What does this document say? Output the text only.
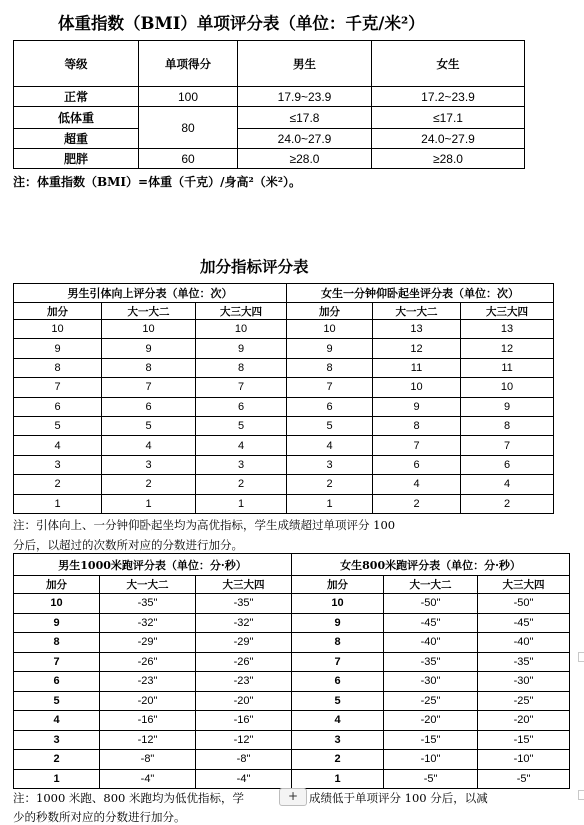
体重指数（BMI）单项评分表（单位：千克/米²）
等级	单项得分	男生	女生
正常	100	17.9~23.9	17.2~23.9
低体重	80	≤17.8	≤17.1
超重		24.0~27.9	24.0~27.9
肥胖	60	≥28.0	≥28.0
注：体重指数（BMI）=体重（千克）/身高²（米²）。
加分指标评分表
男生引体向上评分表（单位：次）			女生一分钟仰卧起坐评分表（单位：次）		
加分	大一大二	大三大四	加分	大一大二	大三大四
10	10	10	10	13	13
9	9	9	9	12	12
8	8	8	8	11	11
7	7	7	7	10	10
6	6	6	6	9	9
5	5	5	5	8	8
4	4	4	4	7	7
3	3	3	3	6	6
2	2	2	2	4	4
1	1	1	1	2	2
注：引体向上、一分钟仰卧起坐均为高优指标，学生成绩超过单项评分 100
分后，以超过的次数所对应的分数进行加分。
男生1000米跑评分表（单位：分·秒）			女生800米跑评分表（单位：分·秒）		
加分	大一大二	大三大四	加分	大一大二	大三大四
10	-35"	-35"	10	-50"	-50"
9	-32"	-32"	9	-45"	-45"
8	-29"	-29"	8	-40"	-40"
7	-26"	-26"	7	-35"	-35"
6	-23"	-23"	6	-30"	-30"
5	-20"	-20"	5	-25"	-25"
4	-16"	-16"	4	-20"	-20"
3	-12"	-12"	3	-15"	-15"
2	-8"	-8"	2	-10"	-10"
1	-4"	-4"	1	-5"	-5"
注：1000 米跑、800 米跑均为低优指标，学	成绩低于单项评分 100 分后，以减
少的秒数所对应的分数进行加分。
+
